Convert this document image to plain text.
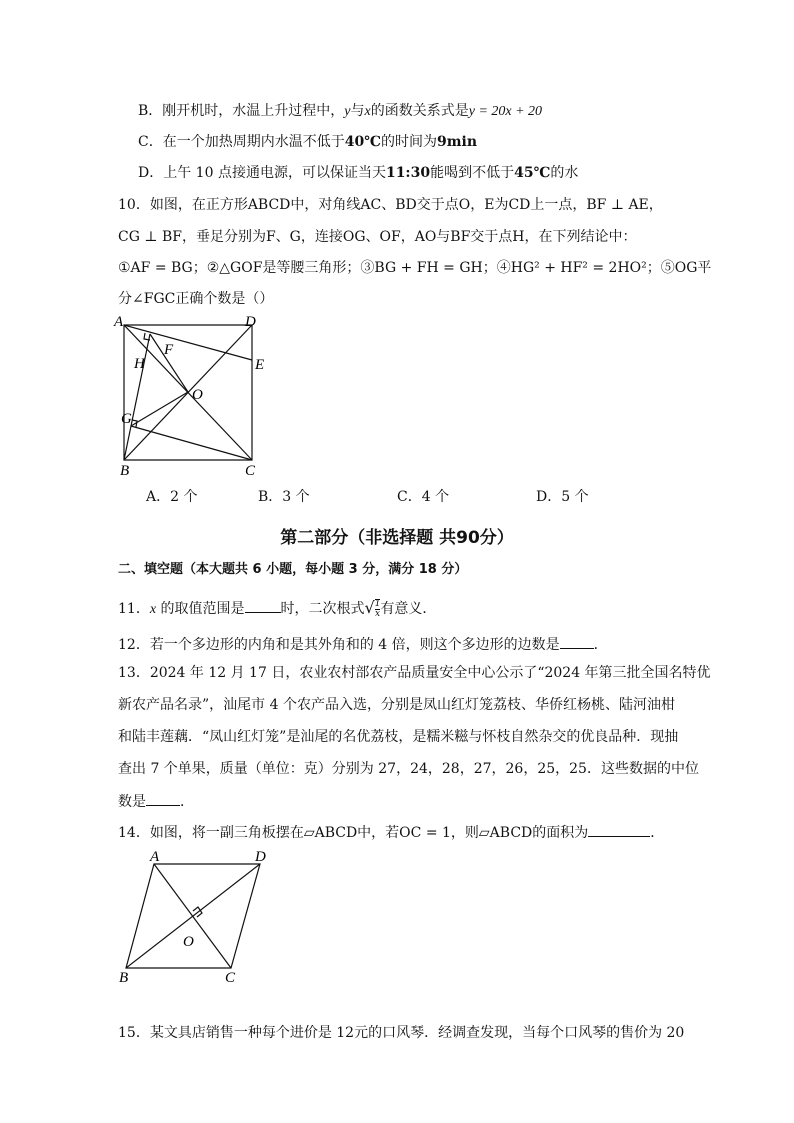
B．刚开机时，水温上升过程中，y与x的函数关系式是y = 20x + 20
C．在一个加热周期内水温不低于40℃的时间为9min
D．上午 10 点接通电源，可以保证当天11:30能喝到不低于45℃的水
10．如图，在正方形ABCD中，对角线AC、BD交于点O，E为CD上一点，BF ⊥ AE，
CG ⊥ BF，垂足分别为F、G，连接OG、OF，AO与BF交于点H，在下列结论中：
①AF = BG；②△GOF是等腰三角形；③BG + FH = GH；④HG² + HF² = 2HO²；⑤OG平
分∠FGC正确个数是（）
A	D
F
H	E
O
G
B	C
A．2 个	B．3 个	C．4 个	D．5 个
第二部分（非选择题 共90分）
二、填空题（本大题共 6 小题，每小题 3 分，满分 18 分）
11．x 的取值范围是	时，二次根式√ $\frac{1}{x}$ 有意义．
12．若一个多边形的内角和是其外角和的 4 倍，则这个多边形的边数是 ．
13．2024 年 12 月 17 日，农业农村部农产品质量安全中心公示了“2024 年第三批全国名特优
新农产品名录”，汕尾市 4 个农产品入选，分别是凤山红灯笼荔枝、华侨红杨桃、陆河油柑
和陆丰莲藕．“凤山红灯笼”是汕尾的名优荔枝，是糯米糍与怀枝自然杂交的优良品种．现抽
查出 7 个单果，质量（单位：克）分别为 27，24，28，27，26，25，25．这些数据的中位
数是 ．
14．如图，将一副三角板摆在▱ABCD中，若OC = 1，则▱ABCD的面积为	．
A	D
O
B	C
15．某文具店销售一种每个进价是 12元的口风琴．经调查发现，当每个口风琴的售价为 20
